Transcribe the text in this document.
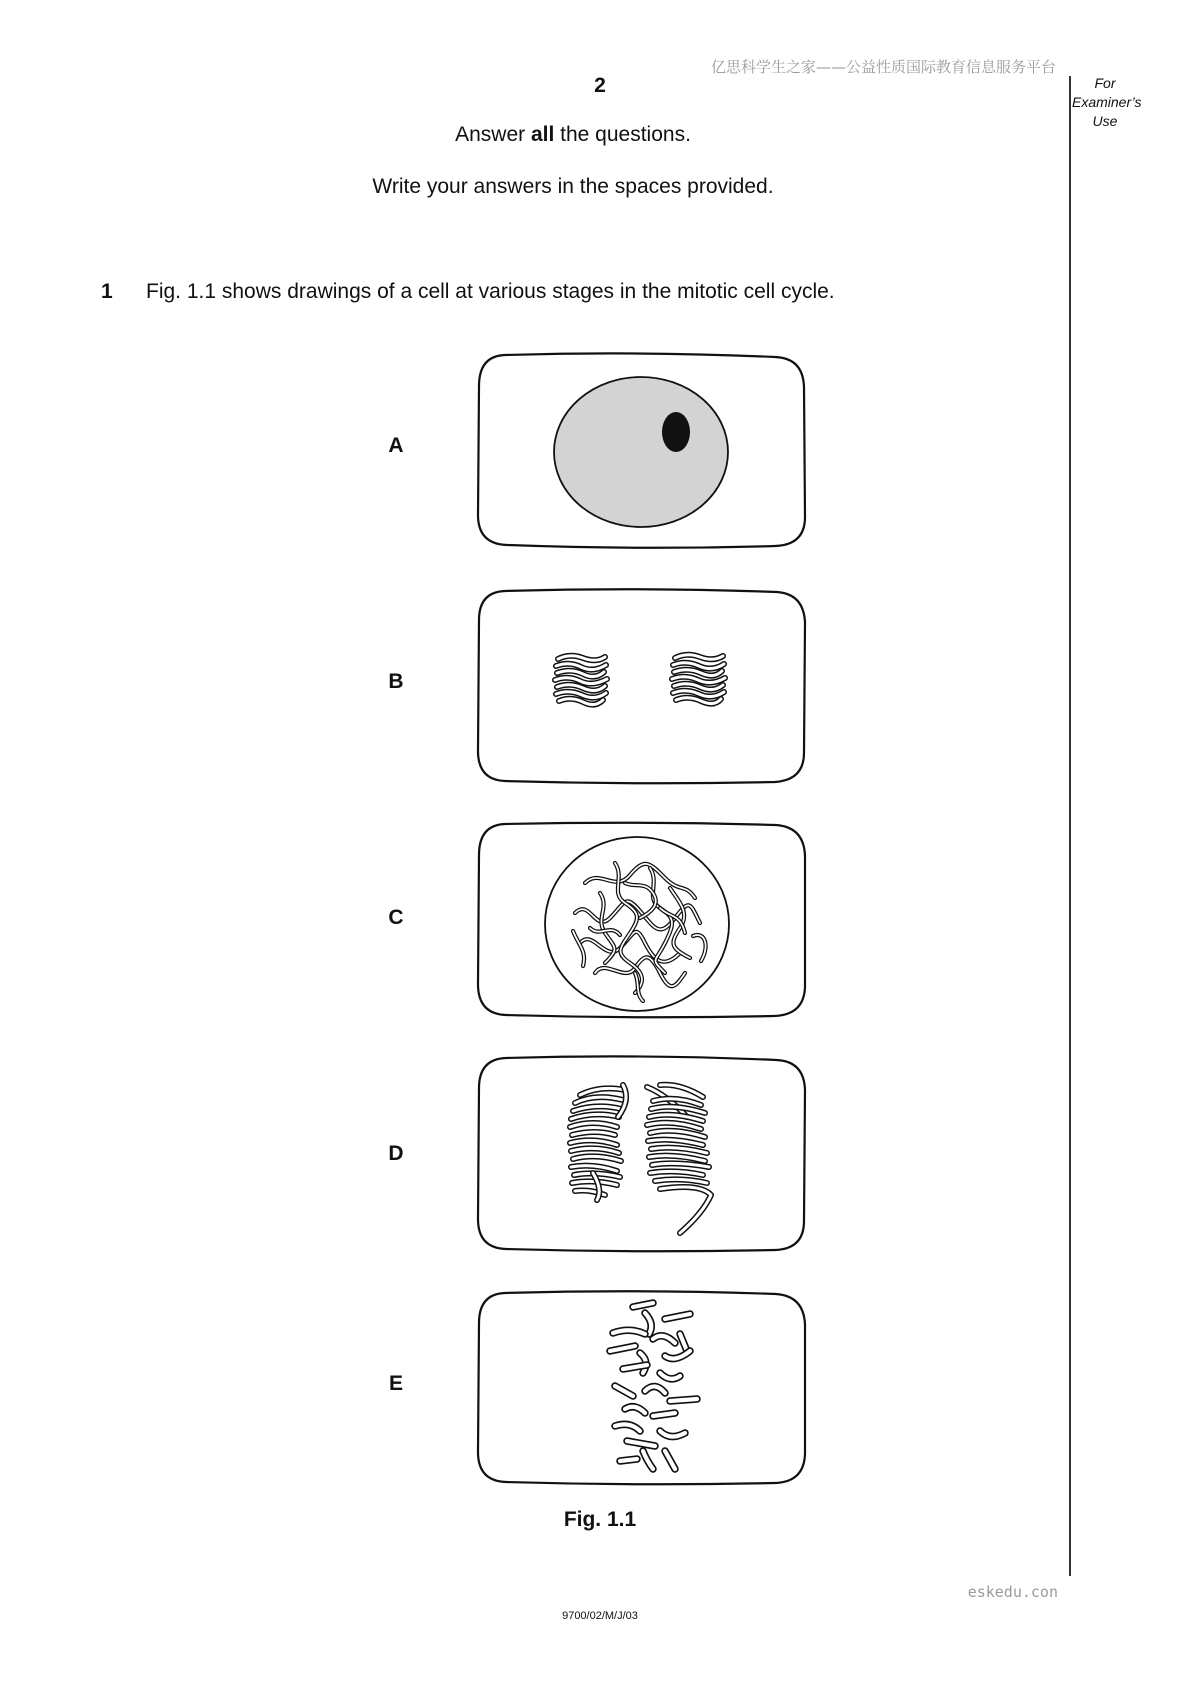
亿思科学生之家——公益性质国际教育信息服务平台
2	For
Examiner’s
Use
Answer all the questions.
Write your answers in the spaces provided.
1 Fig. 1.1 shows drawings of a cell at various stages in the mitotic cell cycle.
A
B
C
D
E
Fig. 1.1
eskedu.con
9700/02/M/J/03
